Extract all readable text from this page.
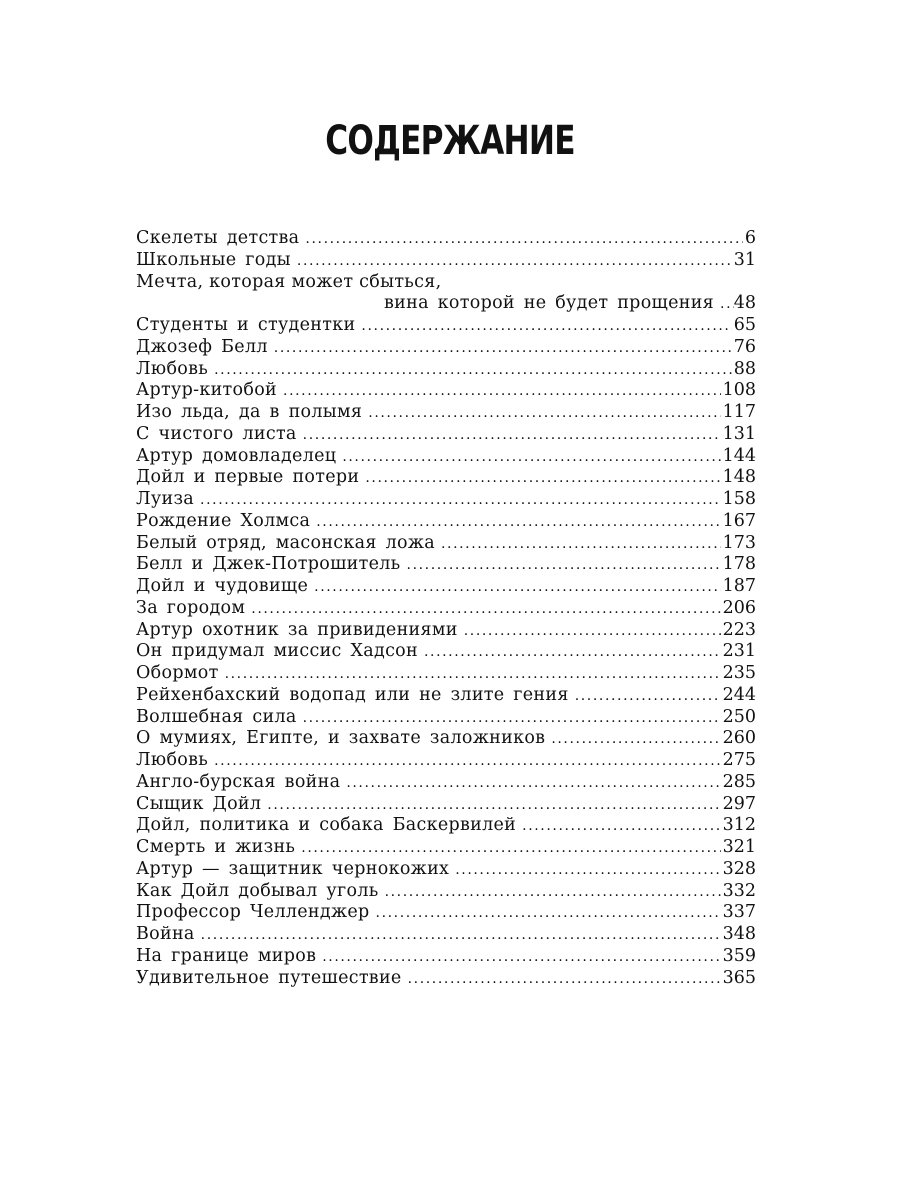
СОДЕРЖАНИЕ
Скелеты детства .....	6
Школьные годы .....	31
Мечта, которая может сбыться,
вина которой не будет прощения ..... 48
Студенты и студентки .....	65
Джозеф Белл .....	76
Любовь .....	88
Артур-китобой .....	108
Изо льда, да в полымя .....	117
С чистого листа .....	131
Артур домовладелец .....	144
Дойл и первые потери .....	148
Луиза .....	158
Рождение Холмса .....	167
Белый отряд, масонская ложа .....	173
Белл и Джек-Потрошитель .....	178
Дойл и чудовище .....	187
За городом .....	206
Артур охотник за привидениями .....	223
Он придумал миссис Хадсон .....	231
Обормот .....	235
Рейхенбахский водопад или не злите гения .....	244
Волшебная сила .....	250
О мумиях, Египте, и захвате заложников .....	260
Любовь .....	275
Англо-бурская война .....	285
Сыщик Дойл .....	297
Дойл, политика и собака Баскервилей .....	312
Смерть и жизнь .....	321
Артур — защитник чернокожих .....	328
Как Дойл добывал уголь .....	332
Профессор Челленджер .....	337
Война .....	348
На границе миров .....	359
Удивительное путешествие .....	365
